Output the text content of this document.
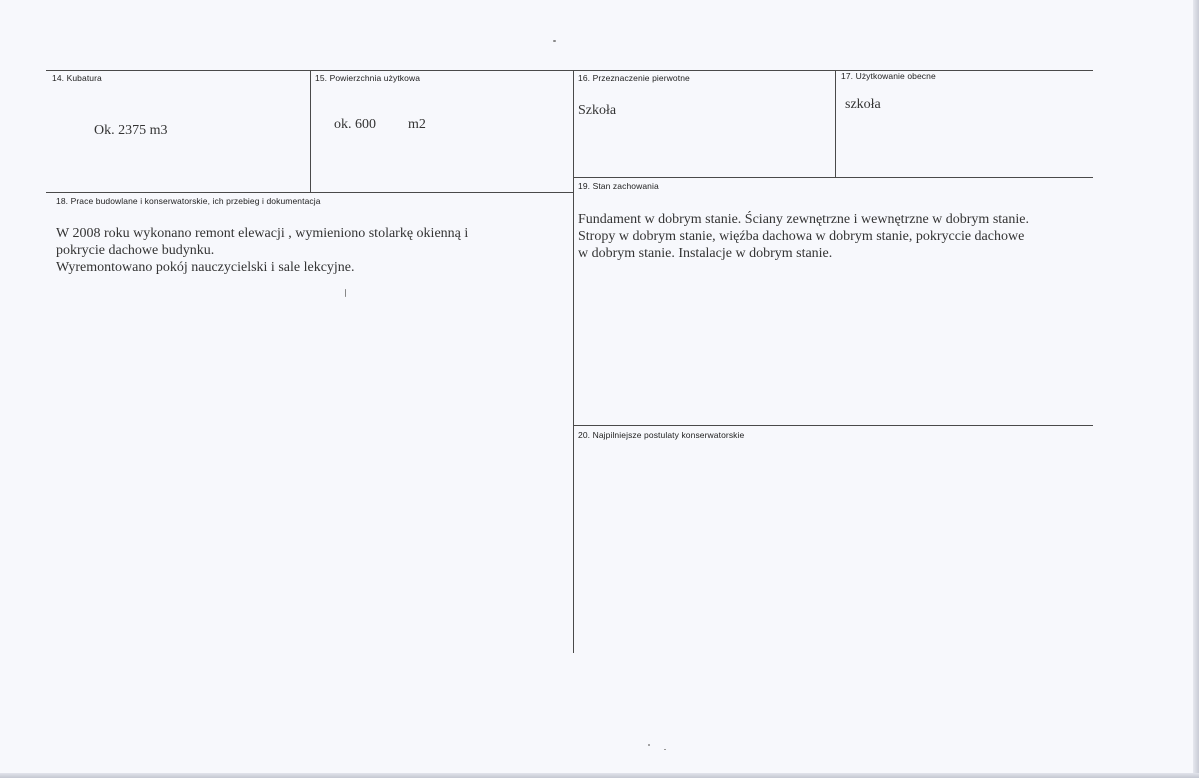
14. Kubatura
Ok. 2375 m3
15. Powierzchnia użytkowa
ok. 600 m2
16. Przeznaczenie pierwotne
Szkoła
17. Użytkowanie obecne
szkoła
18. Prace budowlane i konserwatorskie, ich przebieg i dokumentacja
W 2008 roku wykonano remont elewacji , wymieniono stolarkę okienną i
pokrycie dachowe budynku.
Wyremontowano pokój nauczycielski i sale lekcyjne.
19. Stan zachowania
Fundament w dobrym stanie. Ściany zewnętrzne i wewnętrzne w dobrym stanie.
Stropy w dobrym stanie, więźba dachowa w dobrym stanie, pokryccie dachowe
w dobrym stanie. Instalacje w dobrym stanie.
20. Najpilniejsze postulaty konserwatorskie
